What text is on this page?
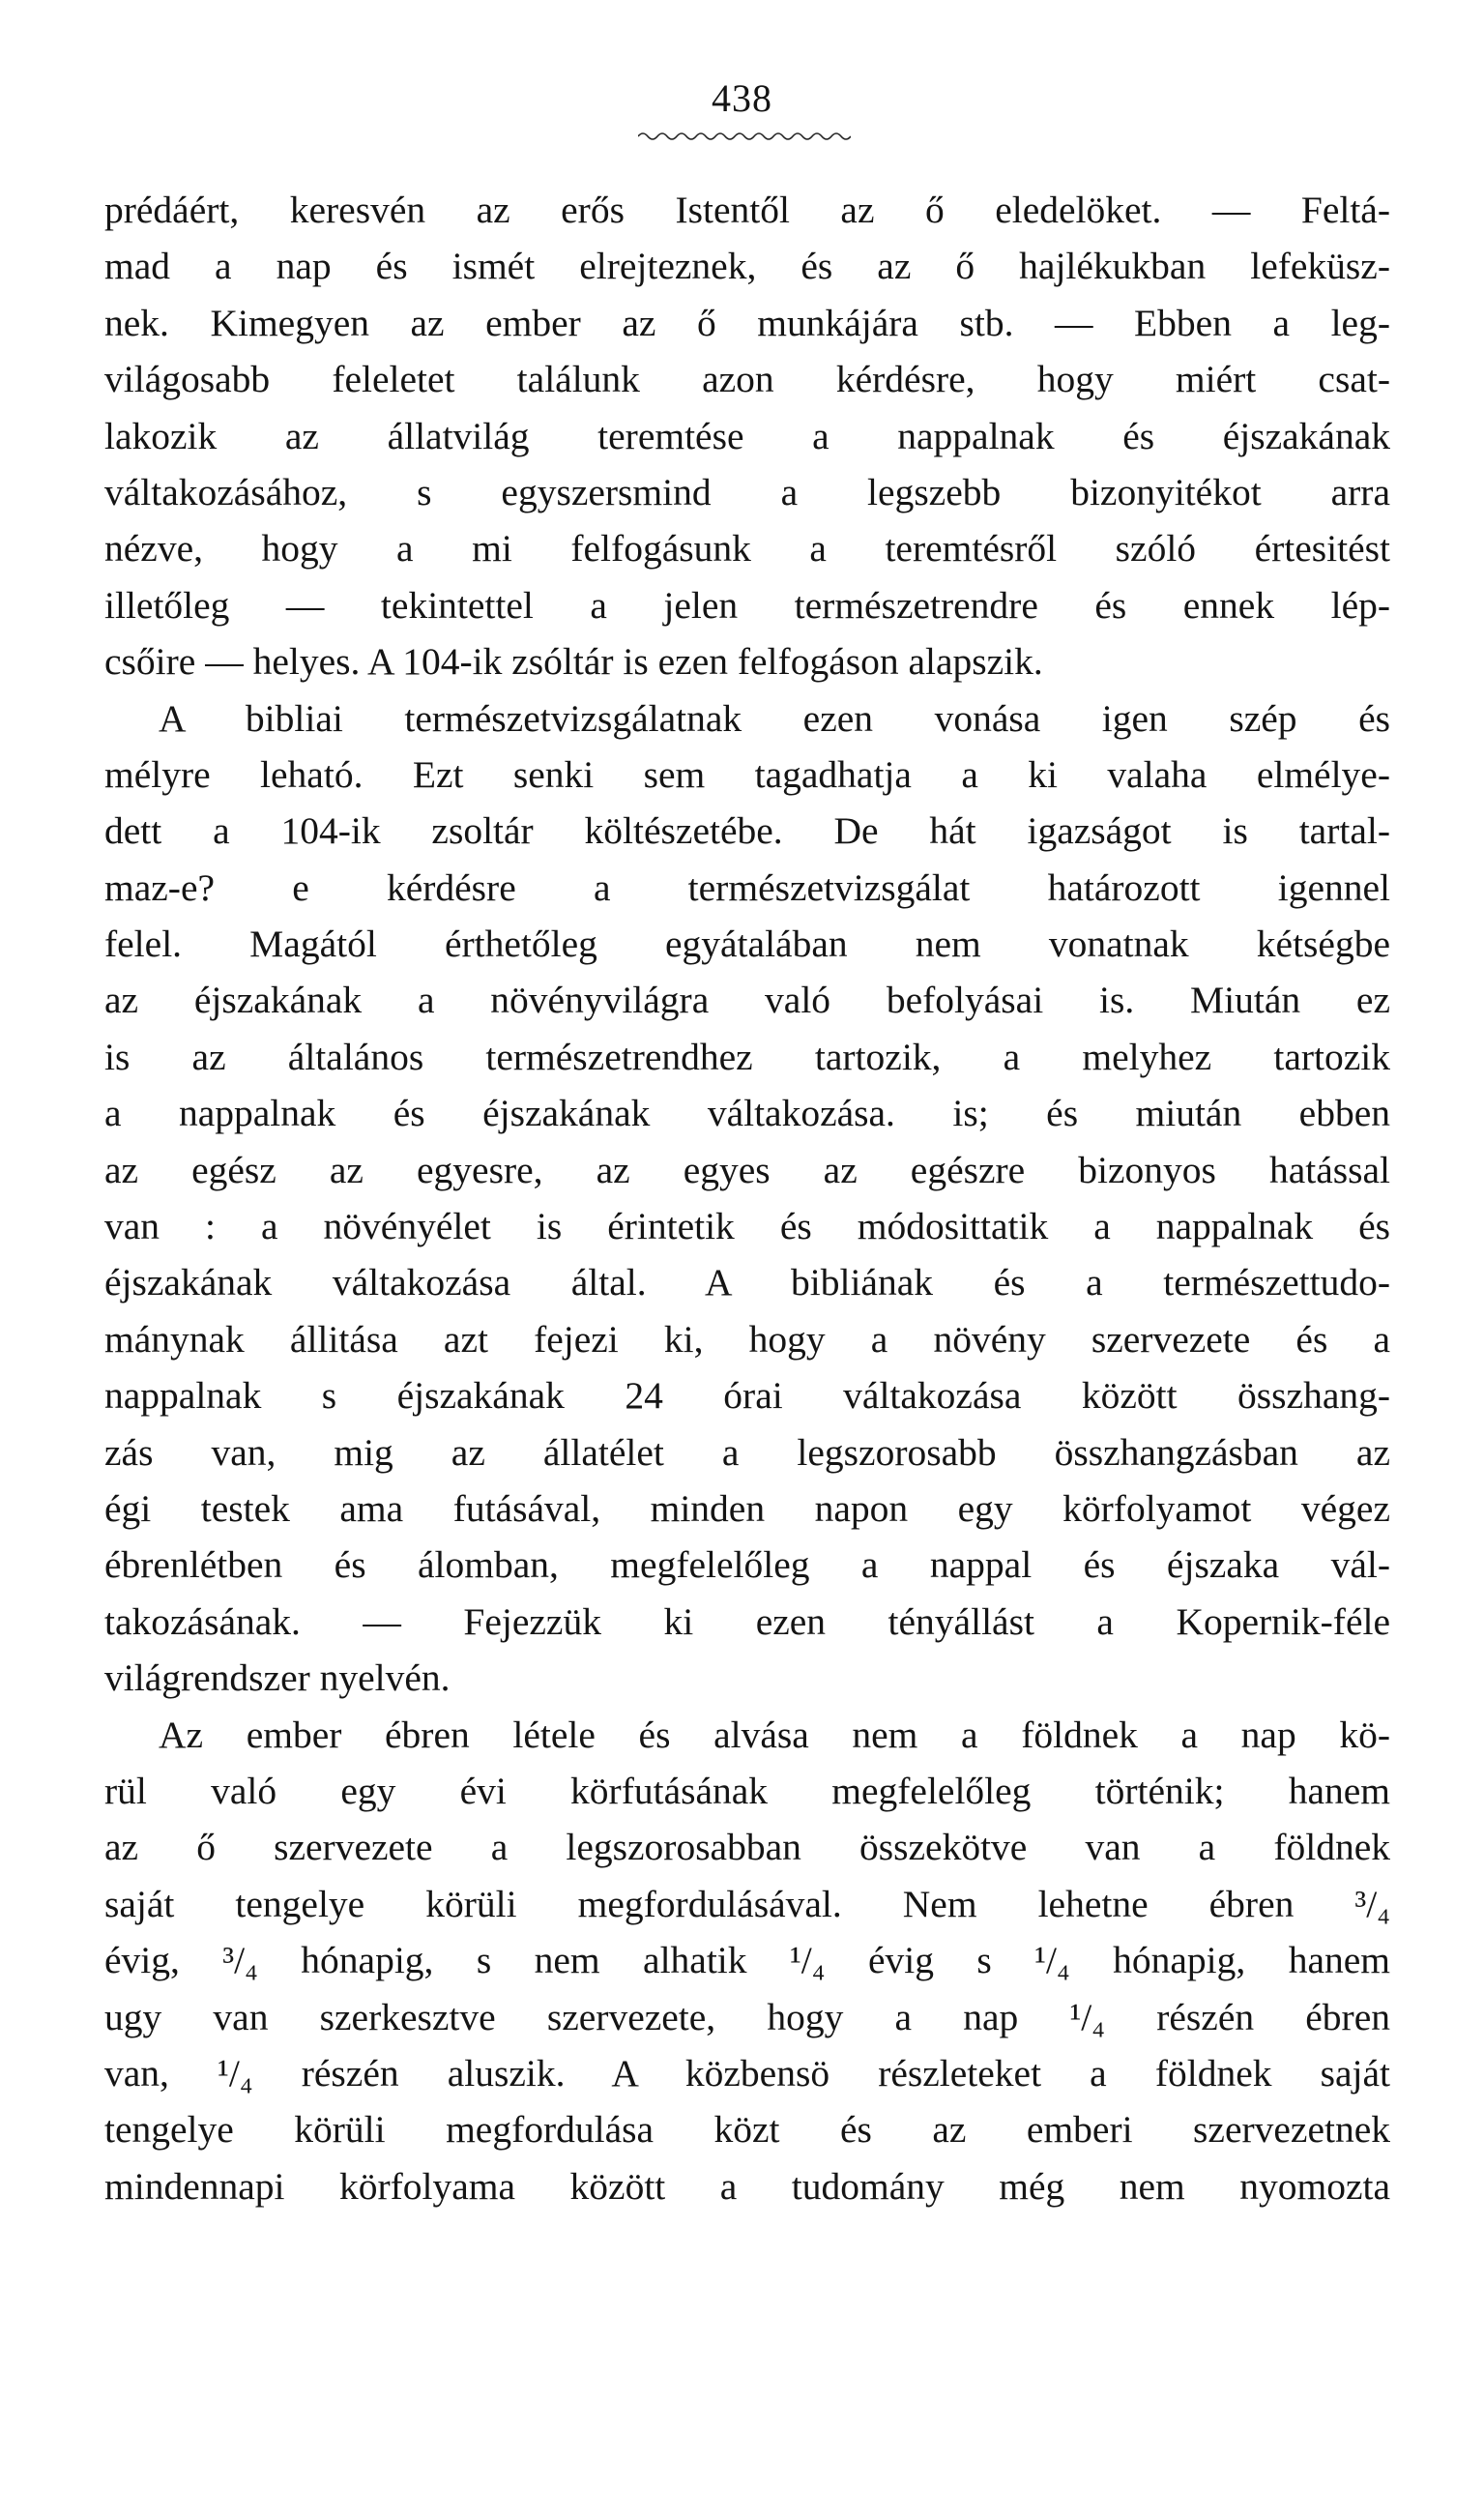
438
prédáért, keresvén az erős Istentől az ő eledelöket. — Feltá-
mad a nap és ismét elrejteznek, és az ő hajlékukban lefeküsz-
nek. Kimegyen az ember az ő munkájára stb. — Ebben a leg-
világosabb feleletet találunk azon kérdésre, hogy miért csat-
lakozik az állatvilág teremtése a nappalnak és éjszakának
váltakozásához, s egyszersmind a legszebb bizonyitékot arra
nézve, hogy a mi felfogásunk a teremtésről szóló értesitést
illetőleg — tekintettel a jelen természetrendre és ennek lép-
csőire — helyes. A 104-ik zsóltár is ezen felfogáson alapszik.
A bibliai természetvizsgálatnak ezen vonása igen szép és
mélyre leható. Ezt senki sem tagadhatja a ki valaha elmélye-
dett a 104-ik zsoltár költészetébe. De hát igazságot is tartal-
maz-e? e kérdésre a természetvizsgálat határozott igennel
felel. Magától érthetőleg egyátalában nem vonatnak kétségbe
az éjszakának a növényvilágra való befolyásai is. Miután ez
is az általános természetrendhez tartozik, a melyhez tartozik
a nappalnak és éjszakának váltakozása. is; és miután ebben
az egész az egyesre, az egyes az egészre bizonyos hatással
van : a növényélet is érintetik és módosittatik a nappalnak és
éjszakának váltakozása által. A bibliának és a természettudo-
mánynak állitása azt fejezi ki, hogy a növény szervezete és a
nappalnak s éjszakának 24 órai váltakozása között összhang-
zás van, mig az állatélet a legszorosabb összhangzásban az
égi testek ama futásával, minden napon egy körfolyamot végez
ébrenlétben és álomban, megfelelőleg a nappal és éjszaka vál-
takozásának. — Fejezzük ki ezen tényállást a Kopernik-féle
világrendszer nyelvén.
Az ember ébren létele és alvása nem a földnek a nap kö-
rül való egy évi körfutásának megfelelőleg történik; hanem
az ő szervezete a legszorosabban összekötve van a földnek
saját tengelye körüli megfordulásával. Nem lehetne ébren ³/₄
évig, ³/₄ hónapig, s nem alhatik ¹/₄ évig s ¹/₄ hónapig, hanem
ugy van szerkesztve szervezete, hogy a nap ¹/₄ részén ébren
van, ¹/₄ részén aluszik. A közbensö részleteket a földnek saját
tengelye körüli megfordulása közt és az emberi szervezetnek
mindennapi körfolyama között a tudomány még nem nyomozta
